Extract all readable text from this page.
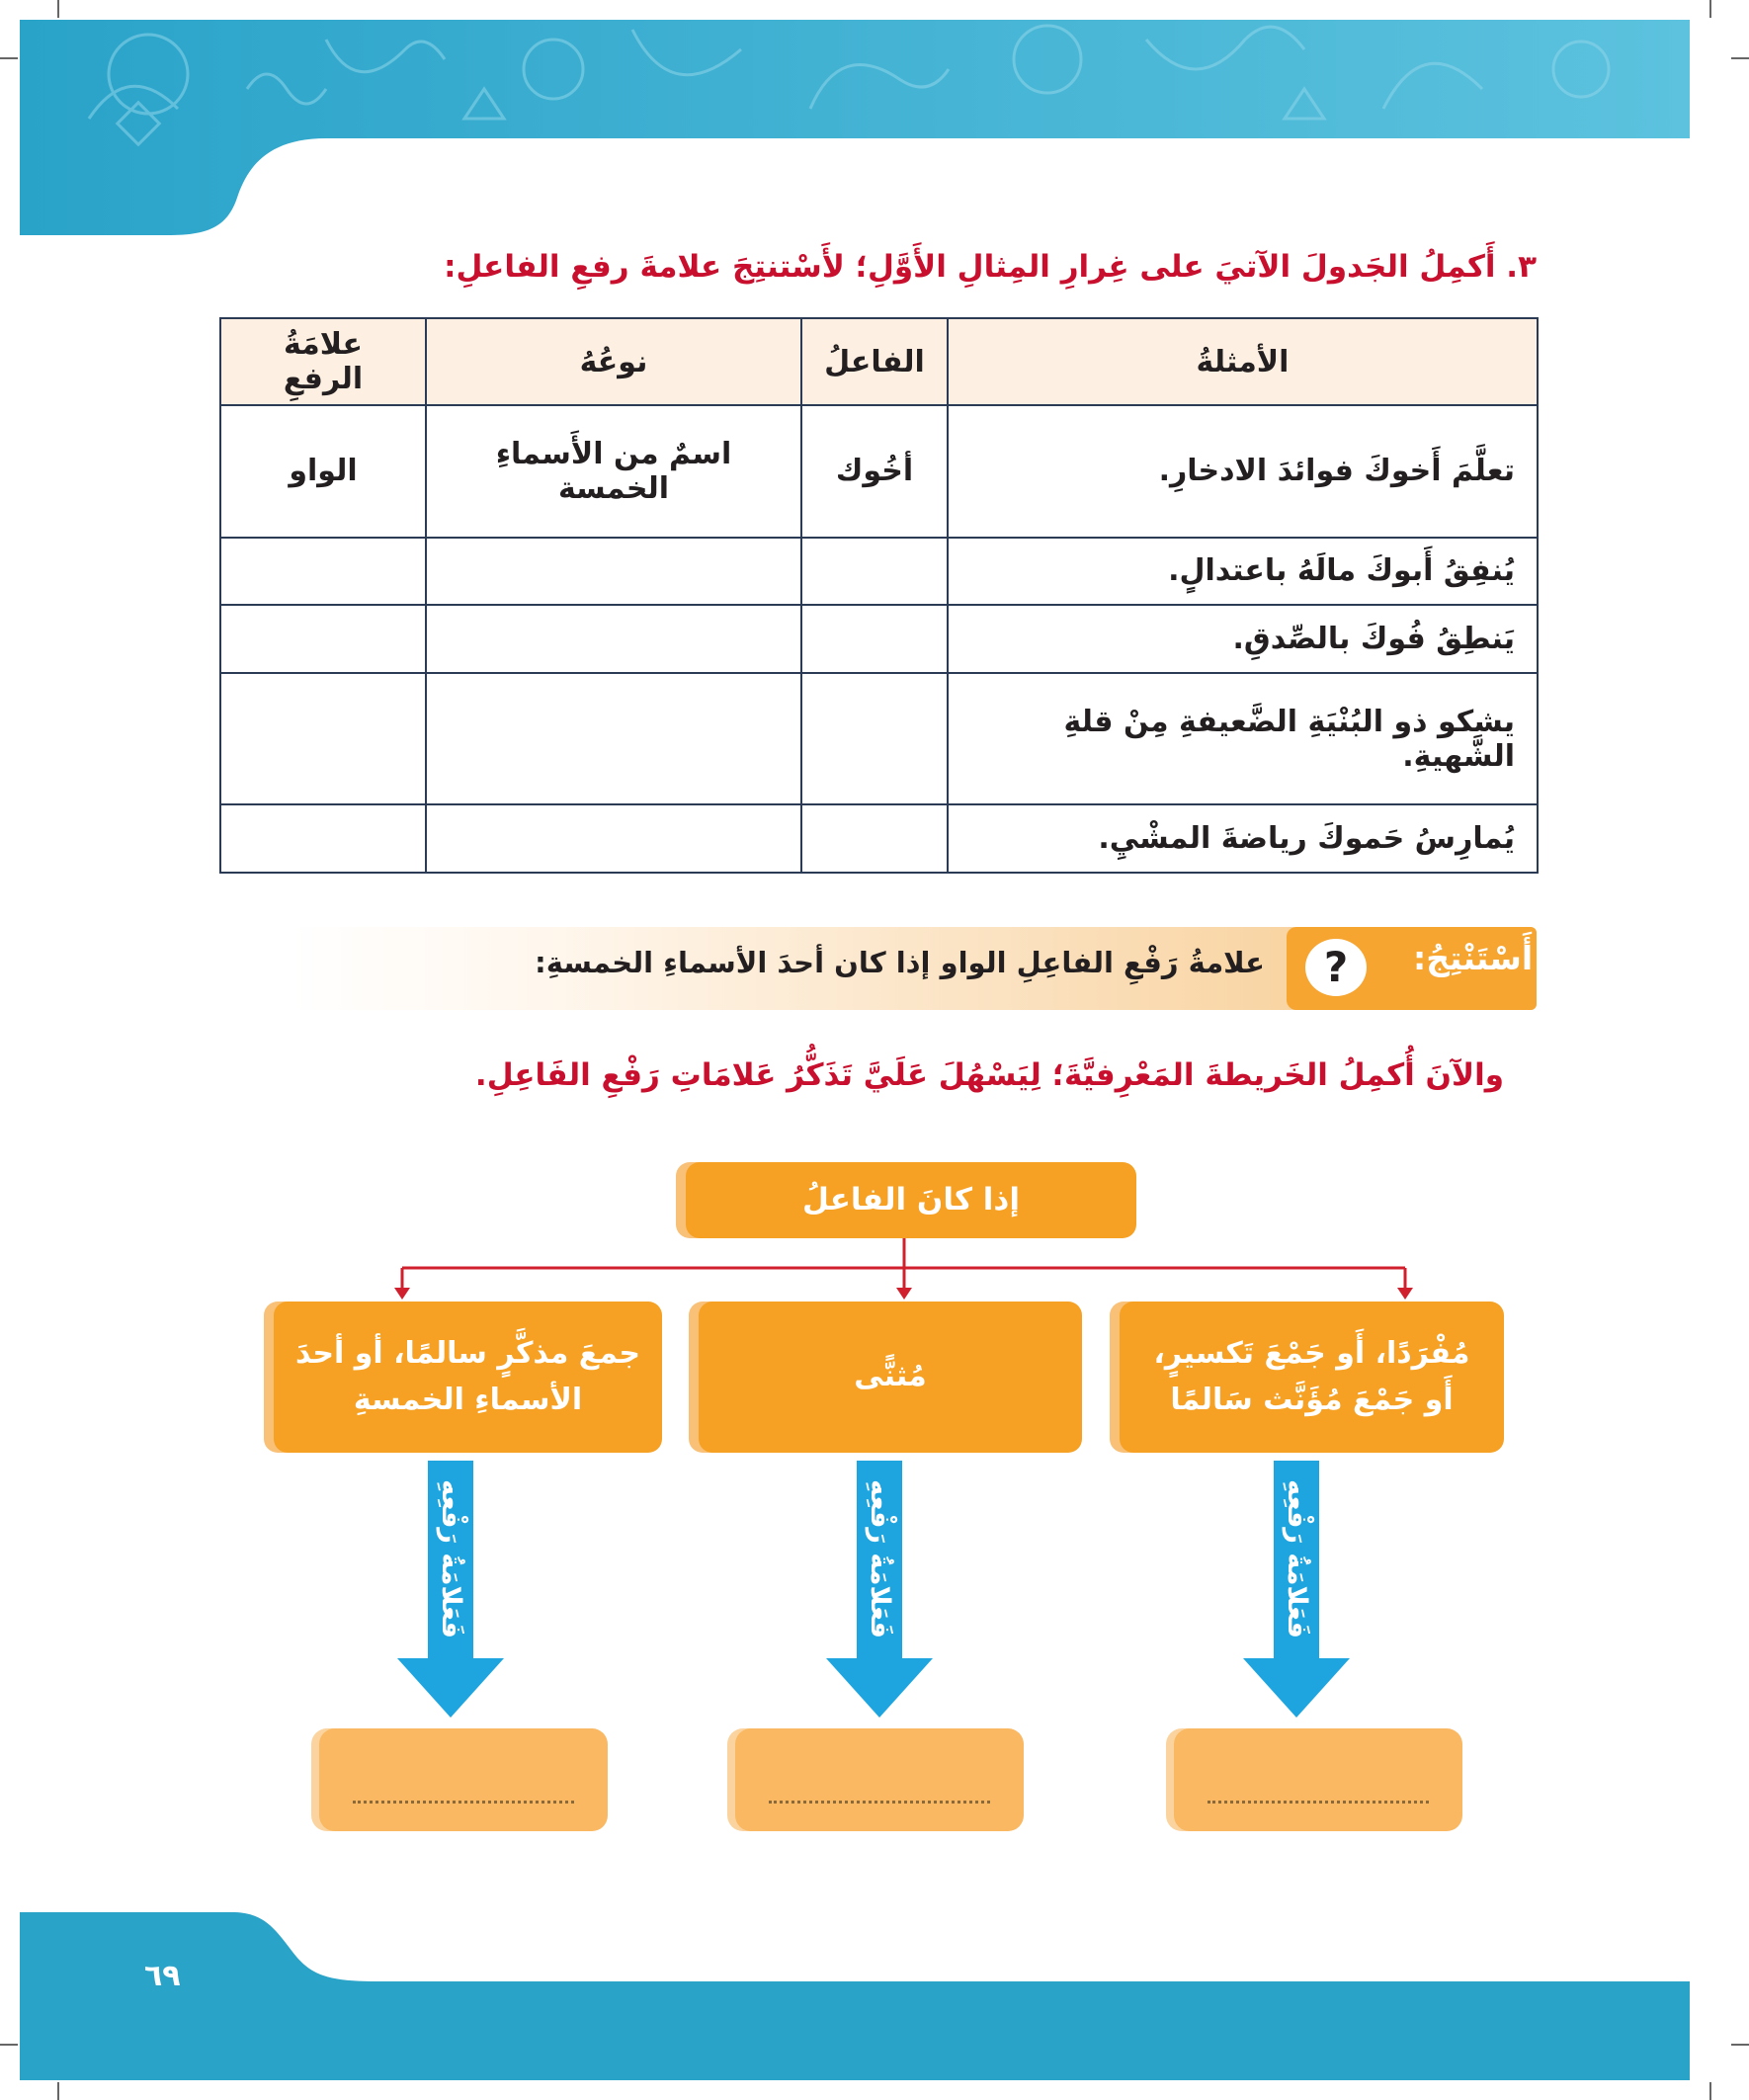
٣. أَكمِلُ الجَدولَ الآتيَ على غِرارِ المِثالِ الأَوَّلِ؛ لأَسْتنتِجَ علامةَ رفعِ الفاعلِ:
الأمثلةُ	الفاعلُ	نوعُهُ	علامَةُ الرفعِ
تعلَّمَ أَخوكَ فوائدَ الادخارِ.	أخُوك	اسمٌ من الأَسماءِ الخمسة	الواو
يُنفِقُ أَبوكَ مالَهُ باعتدالٍ.			
يَنطِقُ فُوكَ بالصِّدقِ.			
يشكو ذو البُنْيَةِ الضَّعيفةِ مِنْ قلةِ الشَّهيةِ.			
يُمارِسُ حَموكَ رياضةَ المشْيِ.			
أَسْتَنْتِجُ:
?
علامةُ رَفْعِ الفاعِلِ الواو إذا كان أحدَ الأسماءِ الخمسةِ:
والآنَ أُكمِلُ الخَريطةَ المَعْرِفيَّةَ؛ لِيَسْهُلَ عَلَيَّ تَذَكُّرُ عَلامَاتِ رَفْعِ الفَاعِلِ.
إذا كانَ الفاعلُ
مُفْرَدًا، أَو جَمْعَ تَكسيرٍ،
أَو جَمْعَ مُؤَنَّث سَالمًا
مُثنًّى
جمعَ مذكَّرٍ سالمًا، أو أحدَ
الأسماءِ الخمسةِ
فَعَلامَةُ رَفْعِهِ
فَعَلامَةُ رَفْعِهِ
فَعَلامَةُ رَفْعِهِ
٦٩
